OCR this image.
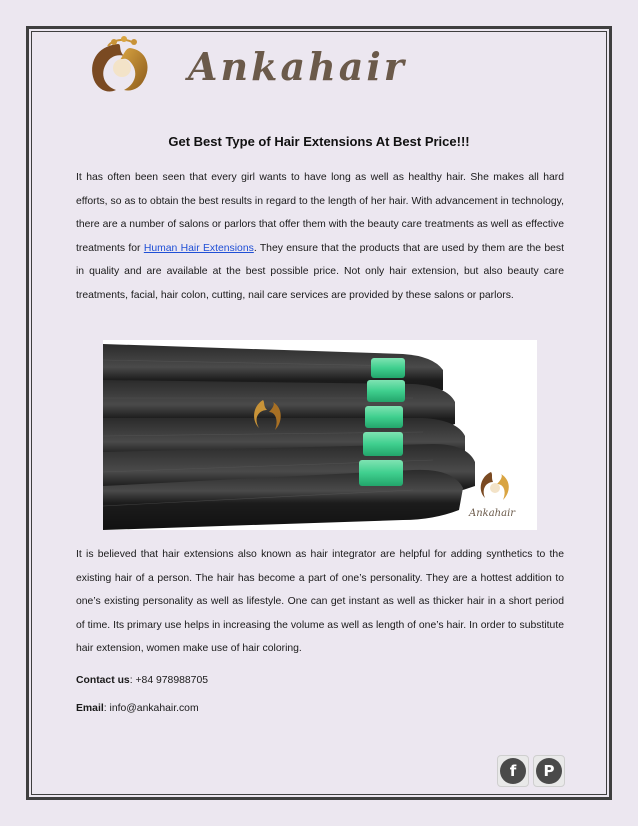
Ankahair
Get Best Type of Hair Extensions At Best Price!!!

It has often been seen that every girl wants to have long as well as healthy hair. She makes all hard efforts, so as to obtain the best results in regard to the length of her hair. With advancement in technology, there are a number of salons or parlors that offer them with the beauty care treatments as well as effective treatments for Human Hair Extensions. They ensure that the products that are used by them are the best in quality and are available at the best possible price. Not only hair extension, but also beauty care treatments, facial, hair colon, cutting, nail care services are provided by these salons or parlors.

Ankahair

It is believed that hair extensions also known as hair integrator are helpful for adding synthetics to the existing hair of a person. The hair has become a part of one’s personality. They are a hottest addition to one’s existing personality as well as lifestyle. One can get instant as well as thicker hair in a short period of time. Its primary use helps in increasing the volume as well as length of one’s hair. In order to substitute hair extension, women make use of hair coloring.

Contact us: +84 978988705

Email: info@ankahair.com

f	P
